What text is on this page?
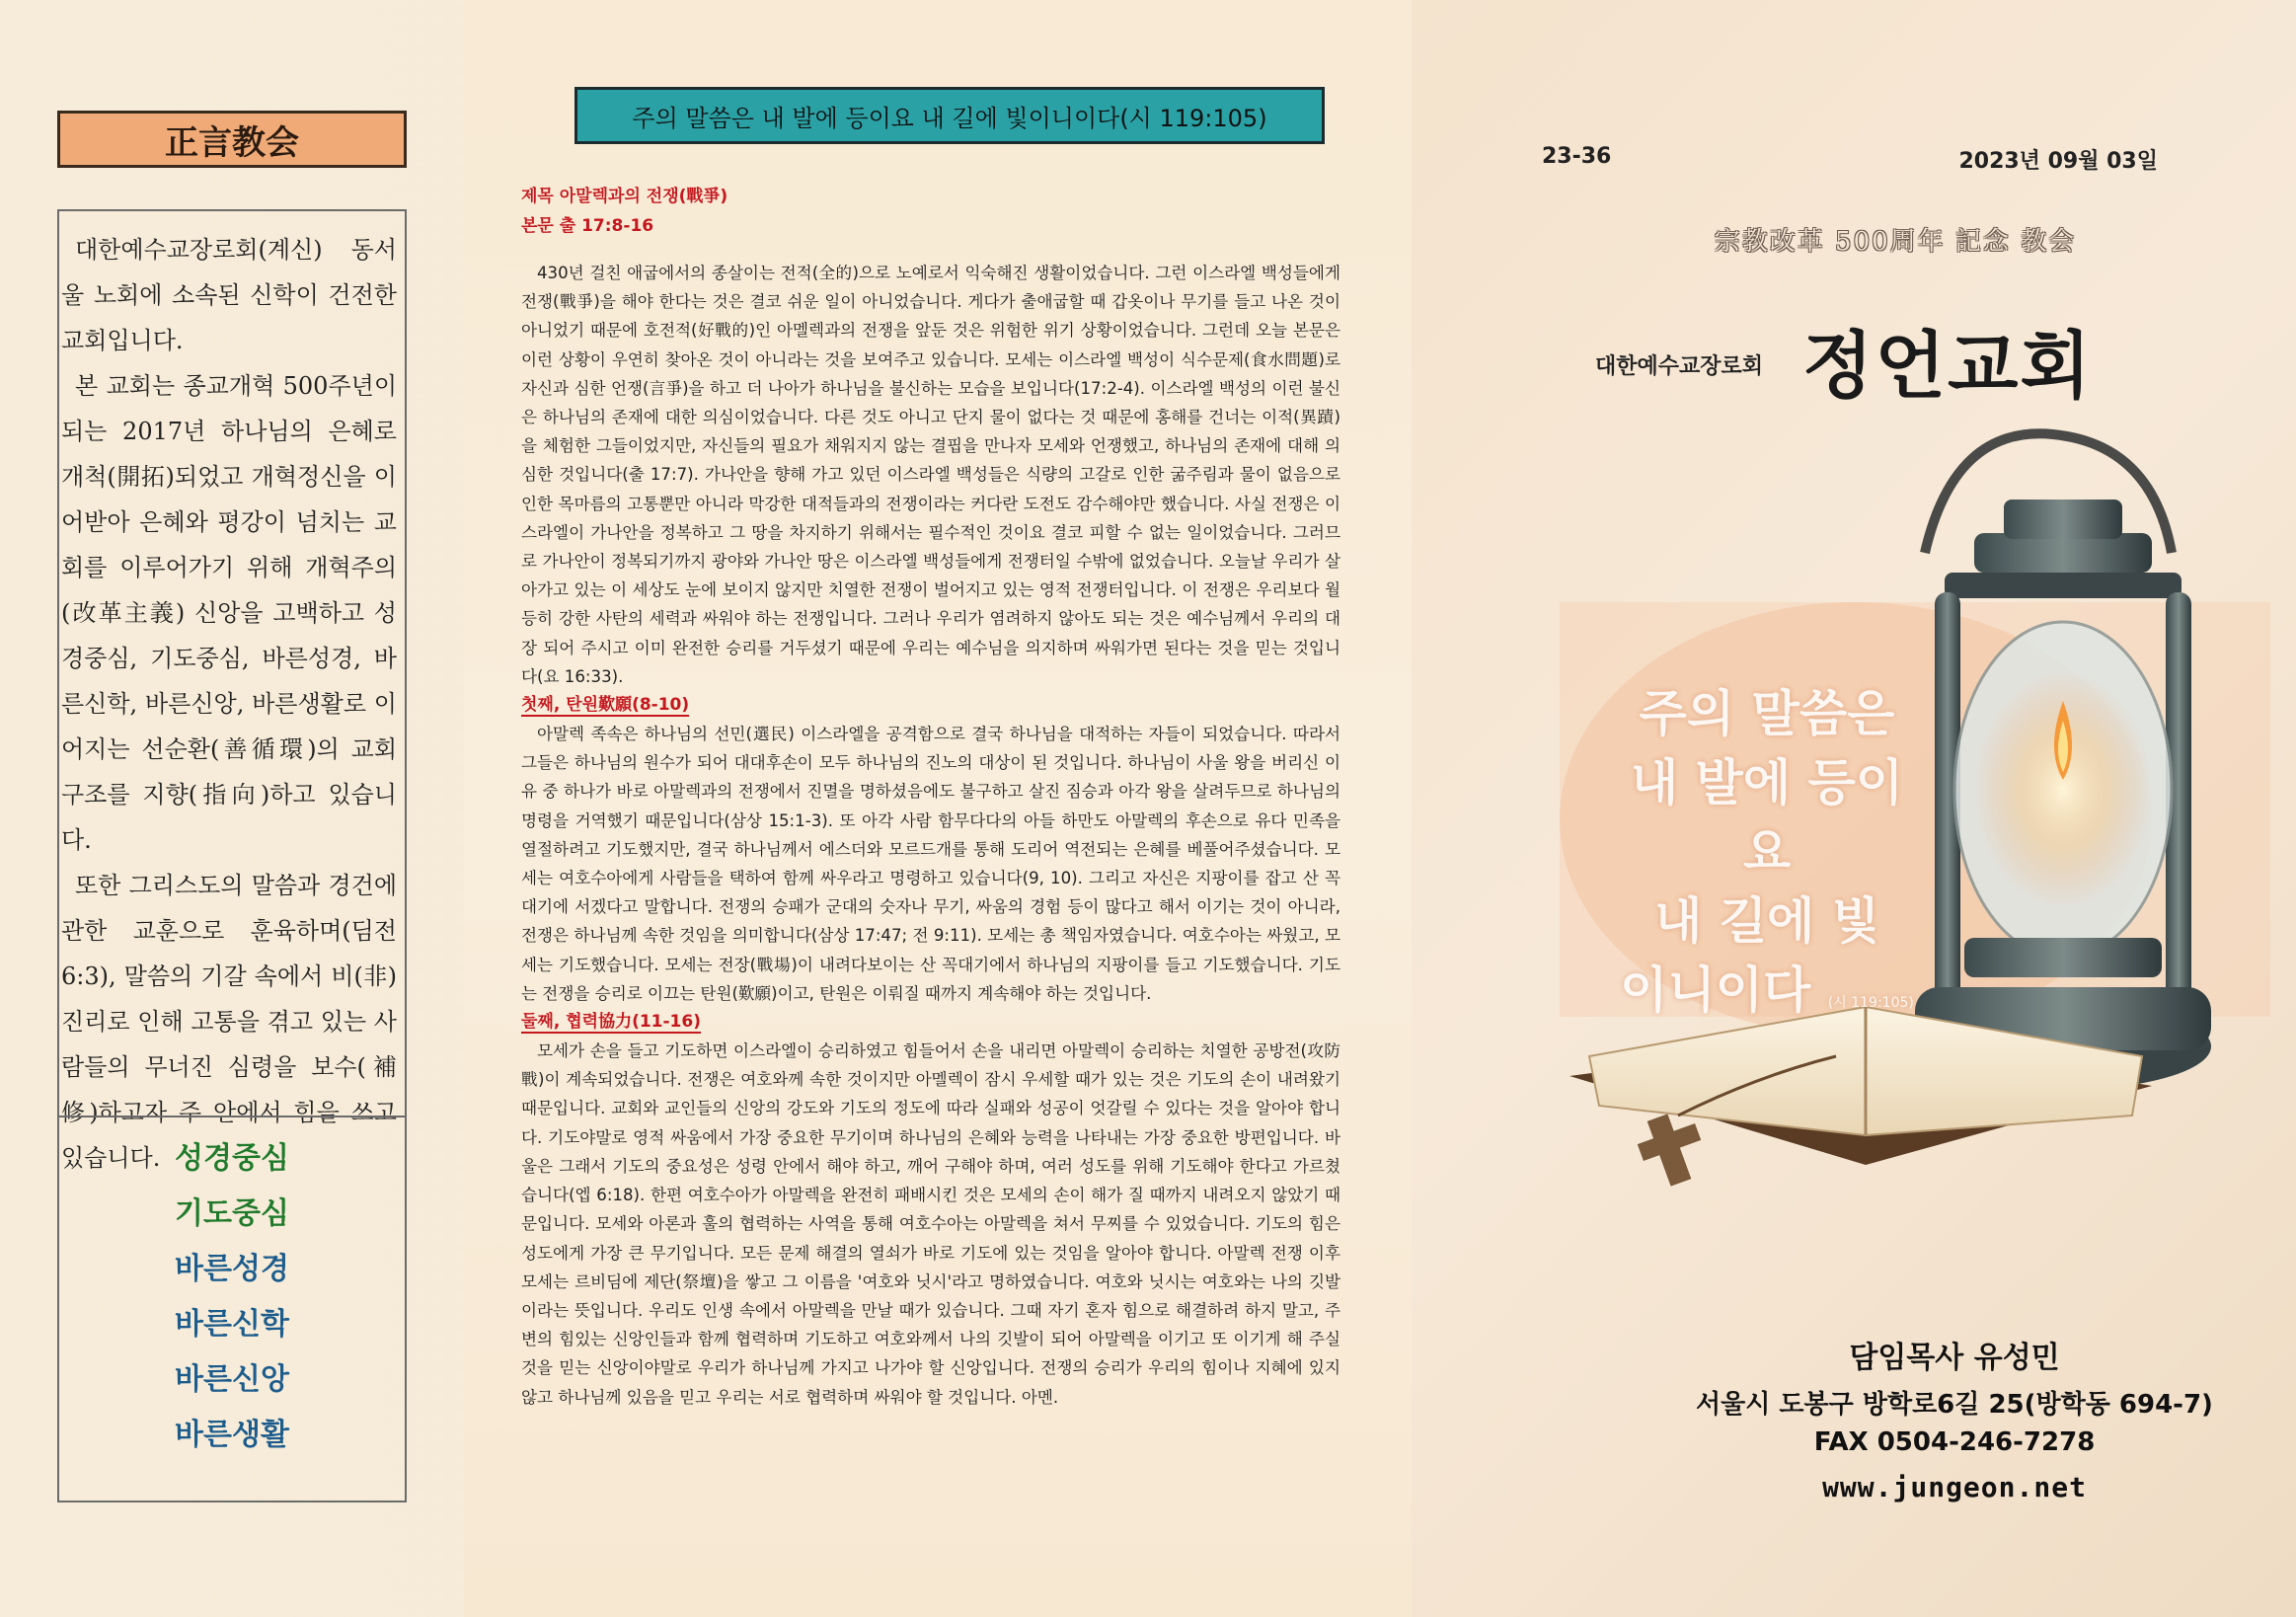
正言教会

대한예수교장로회(계신) 동서울 노회에 소속된 신학이 건전한 교회입니다.

본 교회는 종교개혁 500주년이 되는 2017년 하나님의 은혜로 개척(開拓)되었고 개혁정신을 이어받아 은혜와 평강이 넘치는 교회를 이루어가기 위해 개혁주의(改革主義) 신앙을 고백하고 성경중심, 기도중심, 바른성경, 바른신학, 바른신앙, 바른생활로 이어지는 선순환(善循環)의 교회 구조를 지향(指向)하고 있습니다.

또한 그리스도의 말씀과 경건에 관한 교훈으로 훈육하며(딤전 6:3), 말씀의 기갈 속에서 비(非) 진리로 인해 고통을 겪고 있는 사람들의 무너진 심령을 보수(補修)하고자 주 안에서 힘을 쓰고 있습니다. 성경중심
기도중심
바른성경
바른신학
바른신앙
바른생활
주의 말씀은 내 발에 등이요 내 길에 빛이니이다(시 119:105)
제목 아말렉과의 전쟁(戰爭)
본문 출 17:8-16

430년 걸친 애굽에서의 종살이는 전적(全的)으로 노예로서 익숙해진 생활이었습니다. 그런 이스라엘 백성들에게 전쟁(戰爭)을 해야 한다는 것은 결코 쉬운 일이 아니었습니다. 게다가 출애굽할 때 갑옷이나 무기를 들고 나온 것이 아니었기 때문에 호전적(好戰的)인 아멜렉과의 전쟁을 앞둔 것은 위험한 위기 상황이었습니다. 그런데 오늘 본문은 이런 상황이 우연히 찾아온 것이 아니라는 것을 보여주고 있습니다. 모세는 이스라엘 백성이 식수문제(食水問題)로 자신과 심한 언쟁(言爭)을 하고 더 나아가 하나님을 불신하는 모습을 보입니다(17:2-4). 이스라엘 백성의 이런 불신은 하나님의 존재에 대한 의심이었습니다. 다른 것도 아니고 단지 물이 없다는 것 때문에 홍해를 건너는 이적(異蹟)을 체험한 그들이었지만, 자신들의 필요가 채워지지 않는 결핍을 만나자 모세와 언쟁했고, 하나님의 존재에 대해 의심한 것입니다(출 17:7). 가나안을 향해 가고 있던 이스라엘 백성들은 식량의 고갈로 인한 굶주림과 물이 없음으로 인한 목마름의 고통뿐만 아니라 막강한 대적들과의 전쟁이라는 커다란 도전도 감수해야만 했습니다. 사실 전쟁은 이스라엘이 가나안을 정복하고 그 땅을 차지하기 위해서는 필수적인 것이요 결코 피할 수 없는 일이었습니다. 그러므로 가나안이 정복되기까지 광야와 가나안 땅은 이스라엘 백성들에게 전쟁터일 수밖에 없었습니다. 오늘날 우리가 살아가고 있는 이 세상도 눈에 보이지 않지만 치열한 전쟁이 벌어지고 있는 영적 전쟁터입니다. 이 전쟁은 우리보다 월등히 강한 사탄의 세력과 싸워야 하는 전쟁입니다. 그러나 우리가 염려하지 않아도 되는 것은 예수님께서 우리의 대장 되어 주시고 이미 완전한 승리를 거두셨기 때문에 우리는 예수님을 의지하며 싸워가면 된다는 것을 믿는 것입니다(요 16:33).

첫째, 탄원歎願(8-10)

아말렉 족속은 하나님의 선민(選民) 이스라엘을 공격함으로 결국 하나님을 대적하는 자들이 되었습니다. 따라서 그들은 하나님의 원수가 되어 대대후손이 모두 하나님의 진노의 대상이 된 것입니다. 하나님이 사울 왕을 버리신 이유 중 하나가 바로 아말렉과의 전쟁에서 진멸을 명하셨음에도 불구하고 살진 짐승과 아각 왕을 살려두므로 하나님의 명령을 거역했기 때문입니다(삼상 15:1-3). 또 아각 사람 함무다다의 아들 하만도 아말렉의 후손으로 유다 민족을 열절하려고 기도했지만, 결국 하나님께서 에스더와 모르드개를 통해 도리어 역전되는 은혜를 베풀어주셨습니다. 모세는 여호수아에게 사람들을 택하여 함께 싸우라고 명령하고 있습니다(9, 10). 그리고 자신은 지팡이를 잡고 산 꼭대기에 서겠다고 말합니다. 전쟁의 승패가 군대의 숫자나 무기, 싸움의 경험 등이 많다고 해서 이기는 것이 아니라, 전쟁은 하나님께 속한 것임을 의미합니다(삼상 17:47; 전 9:11). 모세는 총 책임자였습니다. 여호수아는 싸웠고, 모세는 기도했습니다. 모세는 전장(戰場)이 내려다보이는 산 꼭대기에서 하나님의 지팡이를 들고 기도했습니다. 기도는 전쟁을 승리로 이끄는 탄원(歎願)이고, 탄원은 이뤄질 때까지 계속해야 하는 것입니다.

둘째, 협력協力(11-16)

모세가 손을 들고 기도하면 이스라엘이 승리하였고 힘들어서 손을 내리면 아말렉이 승리하는 치열한 공방전(攻防戰)이 계속되었습니다. 전쟁은 여호와께 속한 것이지만 아멜렉이 잠시 우세할 때가 있는 것은 기도의 손이 내려왔기 때문입니다. 교회와 교인들의 신앙의 강도와 기도의 정도에 따라 실패와 성공이 엇갈릴 수 있다는 것을 알아야 합니다. 기도야말로 영적 싸움에서 가장 중요한 무기이며 하나님의 은혜와 능력을 나타내는 가장 중요한 방편입니다. 바울은 그래서 기도의 중요성은 성령 안에서 해야 하고, 깨어 구해야 하며, 여러 성도를 위해 기도해야 한다고 가르쳤습니다(엡 6:18). 한편 여호수아가 아말렉을 완전히 패배시킨 것은 모세의 손이 해가 질 때까지 내려오지 않았기 때문입니다. 모세와 아론과 훌의 협력하는 사역을 통해 여호수아는 아말렉을 쳐서 무찌를 수 있었습니다. 기도의 힘은 성도에게 가장 큰 무기입니다. 모든 문제 해결의 열쇠가 바로 기도에 있는 것임을 알아야 합니다. 아말렉 전쟁 이후 모세는 르비딤에 제단(祭壇)을 쌓고 그 이름을 '여호와 닛시'라고 명하였습니다. 여호와 닛시는 여호와는 나의 깃발이라는 뜻입니다. 우리도 인생 속에서 아말렉을 만날 때가 있습니다. 그때 자기 혼자 힘으로 해결하려 하지 말고, 주변의 힘있는 신앙인들과 함께 협력하며 기도하고 여호와께서 나의 깃발이 되어 아말렉을 이기고 또 이기게 해 주실 것을 믿는 신앙이야말로 우리가 하나님께 가지고 나가야 할 신앙입니다. 전쟁의 승리가 우리의 힘이나 지혜에 있지 않고 하나님께 있음을 믿고 우리는 서로 협력하며 싸워야 할 것입니다. 아멘.

23-36	2023년 09월 03일
宗教改革 500周年 記念 教会
대한예수교장로회 정언교회
주의 말씀은
내 발에 등이요
내 길에 빛
이니이다 (시 119:105)
담임목사 유성민
서울시 도봉구 방학로6길 25(방학동 694-7)
FAX 0504-246-7278
www.jungeon.net
